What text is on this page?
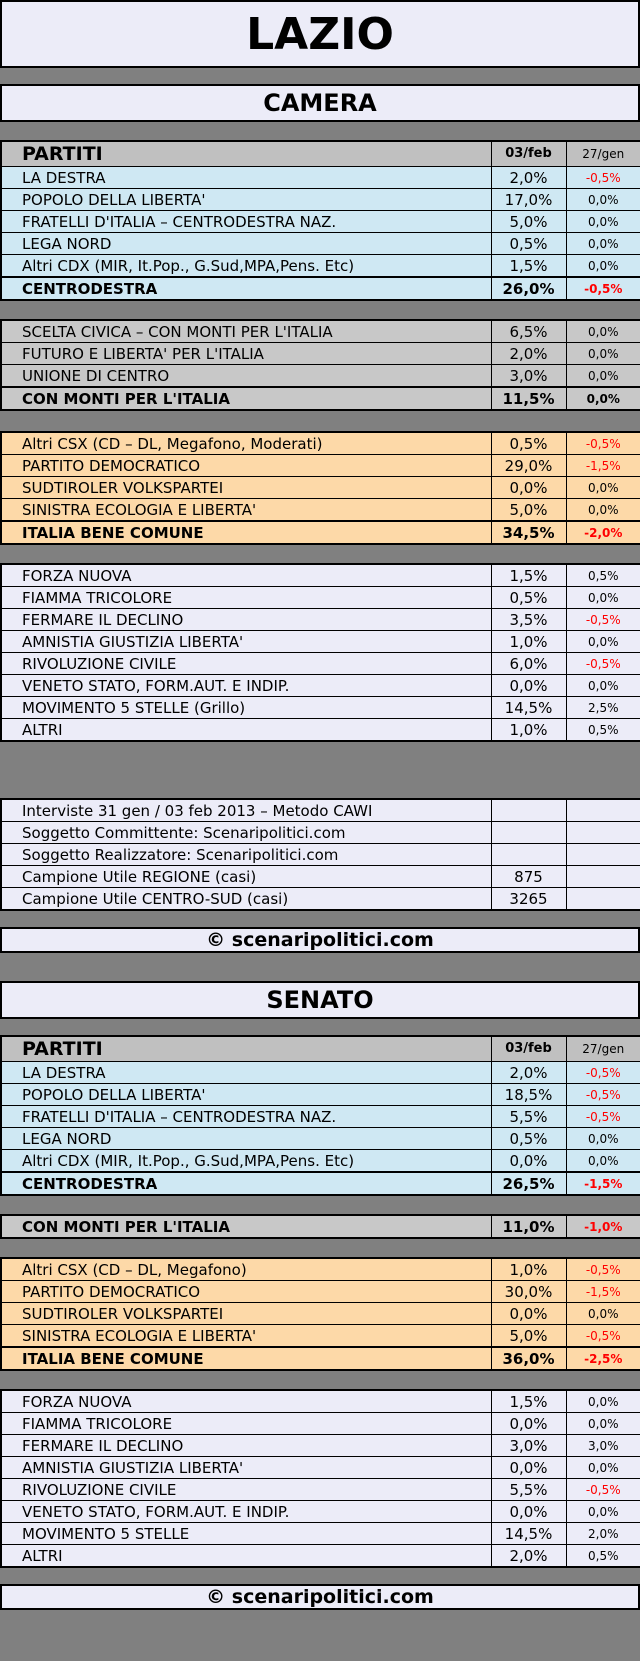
LAZIO
CAMERA
PARTITI	03/feb	27/gen
LA DESTRA	2,0%	-0,5%
POPOLO DELLA LIBERTA'	17,0%	0,0%
FRATELLI D'ITALIA – CENTRODESTRA NAZ.	5,0%	0,0%
LEGA NORD	0,5%	0,0%
Altri CDX (MIR, It.Pop., G.Sud,MPA,Pens. Etc)	1,5%	0,0%
CENTRODESTRA	26,0%	-0,5%
SCELTA CIVICA – CON MONTI PER L'ITALIA	6,5%	0,0%
FUTURO E LIBERTA' PER L'ITALIA	2,0%	0,0%
UNIONE DI CENTRO	3,0%	0,0%
CON MONTI PER L'ITALIA	11,5%	0,0%
Altri CSX (CD – DL, Megafono, Moderati)	0,5%	-0,5%
PARTITO DEMOCRATICO	29,0%	-1,5%
SUDTIROLER VOLKSPARTEI	0,0%	0,0%
SINISTRA ECOLOGIA E LIBERTA'	5,0%	0,0%
ITALIA BENE COMUNE	34,5%	-2,0%
FORZA NUOVA	1,5%	0,5%
FIAMMA TRICOLORE	0,5%	0,0%
FERMARE IL DECLINO	3,5%	-0,5%
AMNISTIA GIUSTIZIA LIBERTA'	1,0%	0,0%
RIVOLUZIONE CIVILE	6,0%	-0,5%
VENETO STATO, FORM.AUT. E INDIP.	0,0%	0,0%
MOVIMENTO 5 STELLE (Grillo)	14,5%	2,5%
ALTRI	1,0%	0,5%
Interviste 31 gen / 03 feb 2013 – Metodo CAWI		
Soggetto Committente: Scenaripolitici.com		
Soggetto Realizzatore: Scenaripolitici.com		
Campione Utile REGIONE (casi)	875	
Campione Utile CENTRO-SUD (casi)	3265	
© scenaripolitici.com
SENATO
PARTITI	03/feb	27/gen
LA DESTRA	2,0%	-0,5%
POPOLO DELLA LIBERTA'	18,5%	-0,5%
FRATELLI D'ITALIA – CENTRODESTRA NAZ.	5,5%	-0,5%
LEGA NORD	0,5%	0,0%
Altri CDX (MIR, It.Pop., G.Sud,MPA,Pens. Etc)	0,0%	0,0%
CENTRODESTRA	26,5%	-1,5%
CON MONTI PER L'ITALIA	11,0%	-1,0%
Altri CSX (CD – DL, Megafono)	1,0%	-0,5%
PARTITO DEMOCRATICO	30,0%	-1,5%
SUDTIROLER VOLKSPARTEI	0,0%	0,0%
SINISTRA ECOLOGIA E LIBERTA'	5,0%	-0,5%
ITALIA BENE COMUNE	36,0%	-2,5%
FORZA NUOVA	1,5%	0,0%
FIAMMA TRICOLORE	0,0%	0,0%
FERMARE IL DECLINO	3,0%	3,0%
AMNISTIA GIUSTIZIA LIBERTA'	0,0%	0,0%
RIVOLUZIONE CIVILE	5,5%	-0,5%
VENETO STATO, FORM.AUT. E INDIP.	0,0%	0,0%
MOVIMENTO 5 STELLE	14,5%	2,0%
ALTRI	2,0%	0,5%
© scenaripolitici.com
